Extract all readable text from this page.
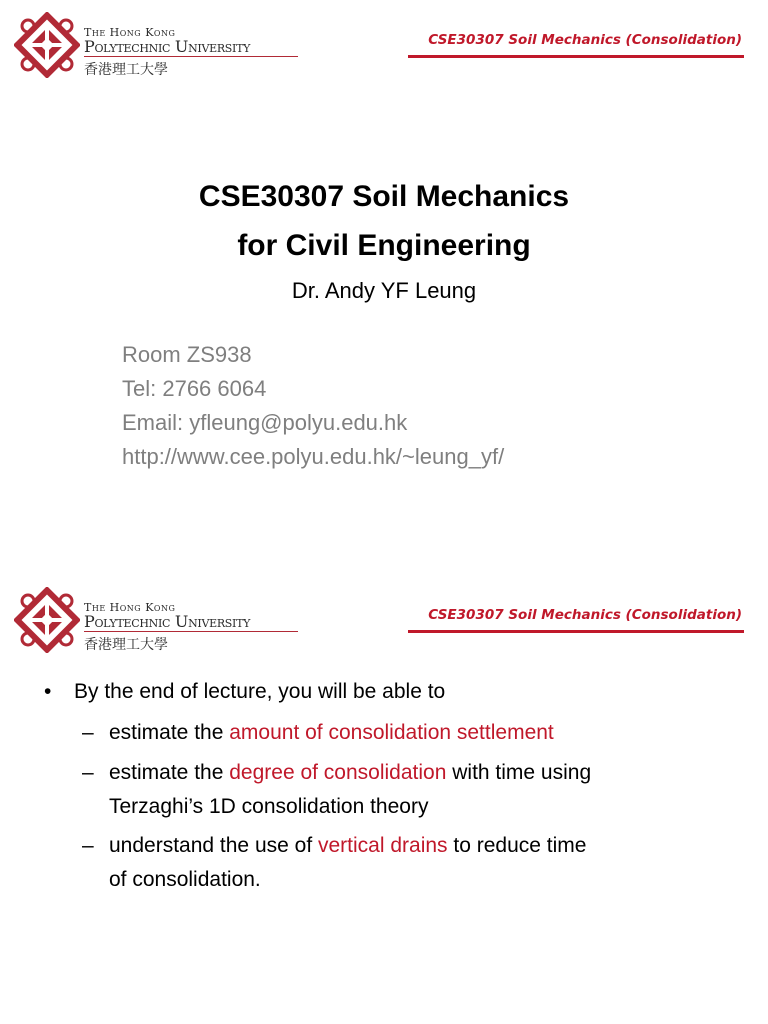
The Hong Kong
Polytechnic University
香港理工大學
CSE30307 Soil Mechanics (Consolidation)
CSE30307 Soil Mechanics
for Civil Engineering
Dr. Andy YF Leung
Room ZS938
Tel: 2766 6064
Email: yfleung@polyu.edu.hk
http://www.cee.polyu.edu.hk/~leung_yf/
The Hong Kong
Polytechnic University
香港理工大學
CSE30307 Soil Mechanics (Consolidation)
• By the end of lecture, you will be able to
– estimate the amount of consolidation settlement
– estimate the degree of consolidation with time using
Terzaghi’s 1D consolidation theory
– understand the use of vertical drains to reduce time
of consolidation.
